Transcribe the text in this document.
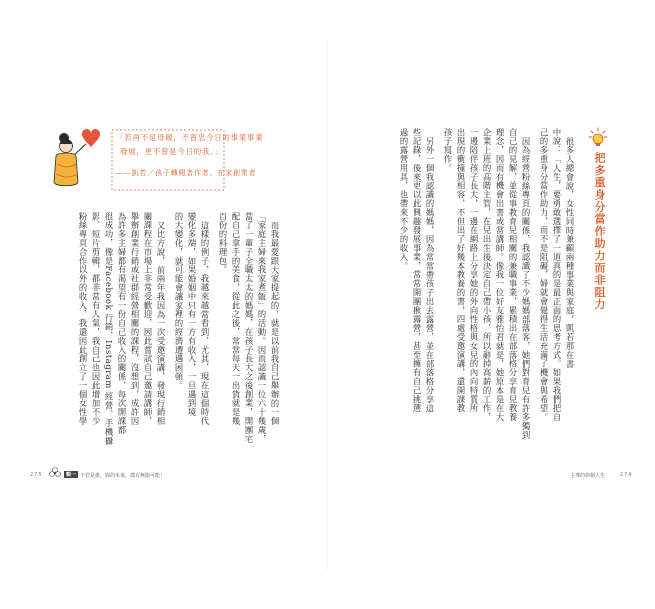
把多重身分當作助力而非阻力
很多人總會說，女性同時兼顧兩種事業與家庭，凱若那在書
中說：「人生，要勇敢選擇了一道真的是最正面的思考方式。如果我們把自
己的多重身分當作助力，而不是阻礙，婦就會覺得生活充滿了機會與希望。
因為經營粉絲專頁的關係，我認識了不少媽媽部落客，她們對育兒有許多獨到
自己的見解，並從事教育兒相關的兼職事業，累積出在部落格分享育兒教養
理念，因而有機會出書或當講師。像我一位好友雅怡君就是，她原本是在大
企業上班的高階主管，在兒出生後決定自己帶小孩，所以辭掉高薪的工作，
一邊陪伴孩子長大，一邊在網路上分享她的外向性格與女兒的內向特質所
出現的衝撞與相容，不但出了好幾本教養的書，四處受邀演講，還開課教
孩子寫作。
另外一個我認識的媽媽，因為常常帶孩子出去露營，並在部落格分享這
些記錄，後來更以此興趣發展事業，常常開團揪露營，甚至擁有自己挑選
過的露營用具，也帶來不少的收入。
主導的斜槓人生	274
「若再不是母親，不曾忠今日的事業事業
發展，更不曾是今日的我。」
——凱若／孩子轉閱者作者，在家創業者
而我最愛跟大家提起的，就是以前我自己舉辦的一個
「家庭主婦來我家煮飯」的活動。因而認識一位六十幾歲，
當了一輩子全職太太的媽媽，在孩子長大之後創業，開團宅
配自己拿手的美食，從此之後，常常每天一出貨就是幾
百份的料理包。
這樣的例子，我越來越常看到，尤其，現在這個時代
變化多端，如果婚姻中只有一方有收入，一旦遇到境
的大變化，就可能會讓家裡的經濟遭遇困頓。
又比方說，前兩年我因為一次受邀演講，發現行銷相
關課程在市場上非常受歡迎，因此嘗試自己邀請講師，
舉辦創業行銷或社群經營相關的課程，沒想到，成許因
為許多主婦都有渴望有一份自己收入的關係，每次開課都
很成功，像是Facebook 行銷、Instagram 經營、手機攝
影、短片剪輯，都非常有人氣，我自己也因此增加不少
粉絲專頁合作以外的收入，我還因此創立了一個女性學
275	輯一 不管是誰，妳的未來，都有無限可能！
